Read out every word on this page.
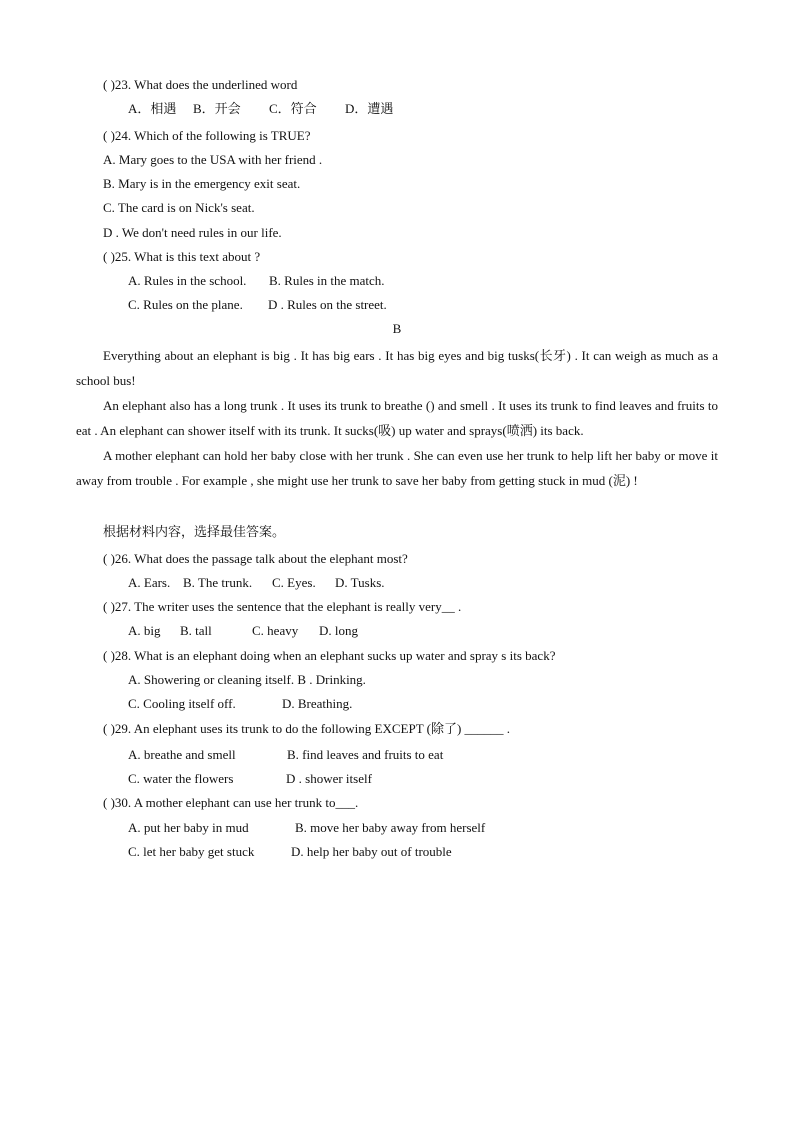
( )23. What does the underlined word
A．相遇 B．开会 C．符合 D．遭遇
( )24. Which of the following is TRUE?
A. Mary goes to the USA with her friend .
B. Mary is in the emergency exit seat.
C. The card is on Nick's seat.
D . We don't need rules in our life.
( )25. What is this text about ?
A. Rules in the school. B. Rules in the match.
C. Rules on the plane. D . Rules on the street.
B
Everything about an elephant is big . It has big ears . It has big eyes and big tusks(长牙) . It can weigh as much as a school bus!
An elephant also has a long trunk . It uses its trunk to breathe () and smell . It uses its trunk to find leaves and fruits to eat . An elephant can shower itself with its trunk. It sucks(吸) up water and sprays(喷洒) its back.
A mother elephant can hold her baby close with her trunk . She can even use her trunk to help lift her baby or move it away from trouble . For example , she might use her trunk to save her baby from getting stuck in mud (泥) !
根据材料内容，选择最佳答案。
( )26. What does the passage talk about the elephant most?
A. Ears. B. The trunk. C. Eyes. D. Tusks.
( )27. The writer uses the sentence that the elephant is really very__ .
A. big B. tall	C. heavy D. long
( )28. What is an elephant doing when an elephant sucks up water and spray s its back?
A. Showering or cleaning itself. B . Drinking.
C. Cooling itself off.	D. Breathing.
( )29. An elephant uses its trunk to do the following EXCEPT (除了) ______ .
A. breathe and smell	B. find leaves and fruits to eat
C. water the flowers	D . shower itself
( )30. A mother elephant can use her trunk to___.
A. put her baby in mud	B. move her baby away from herself
C. let her baby get stuck	D. help her baby out of trouble
